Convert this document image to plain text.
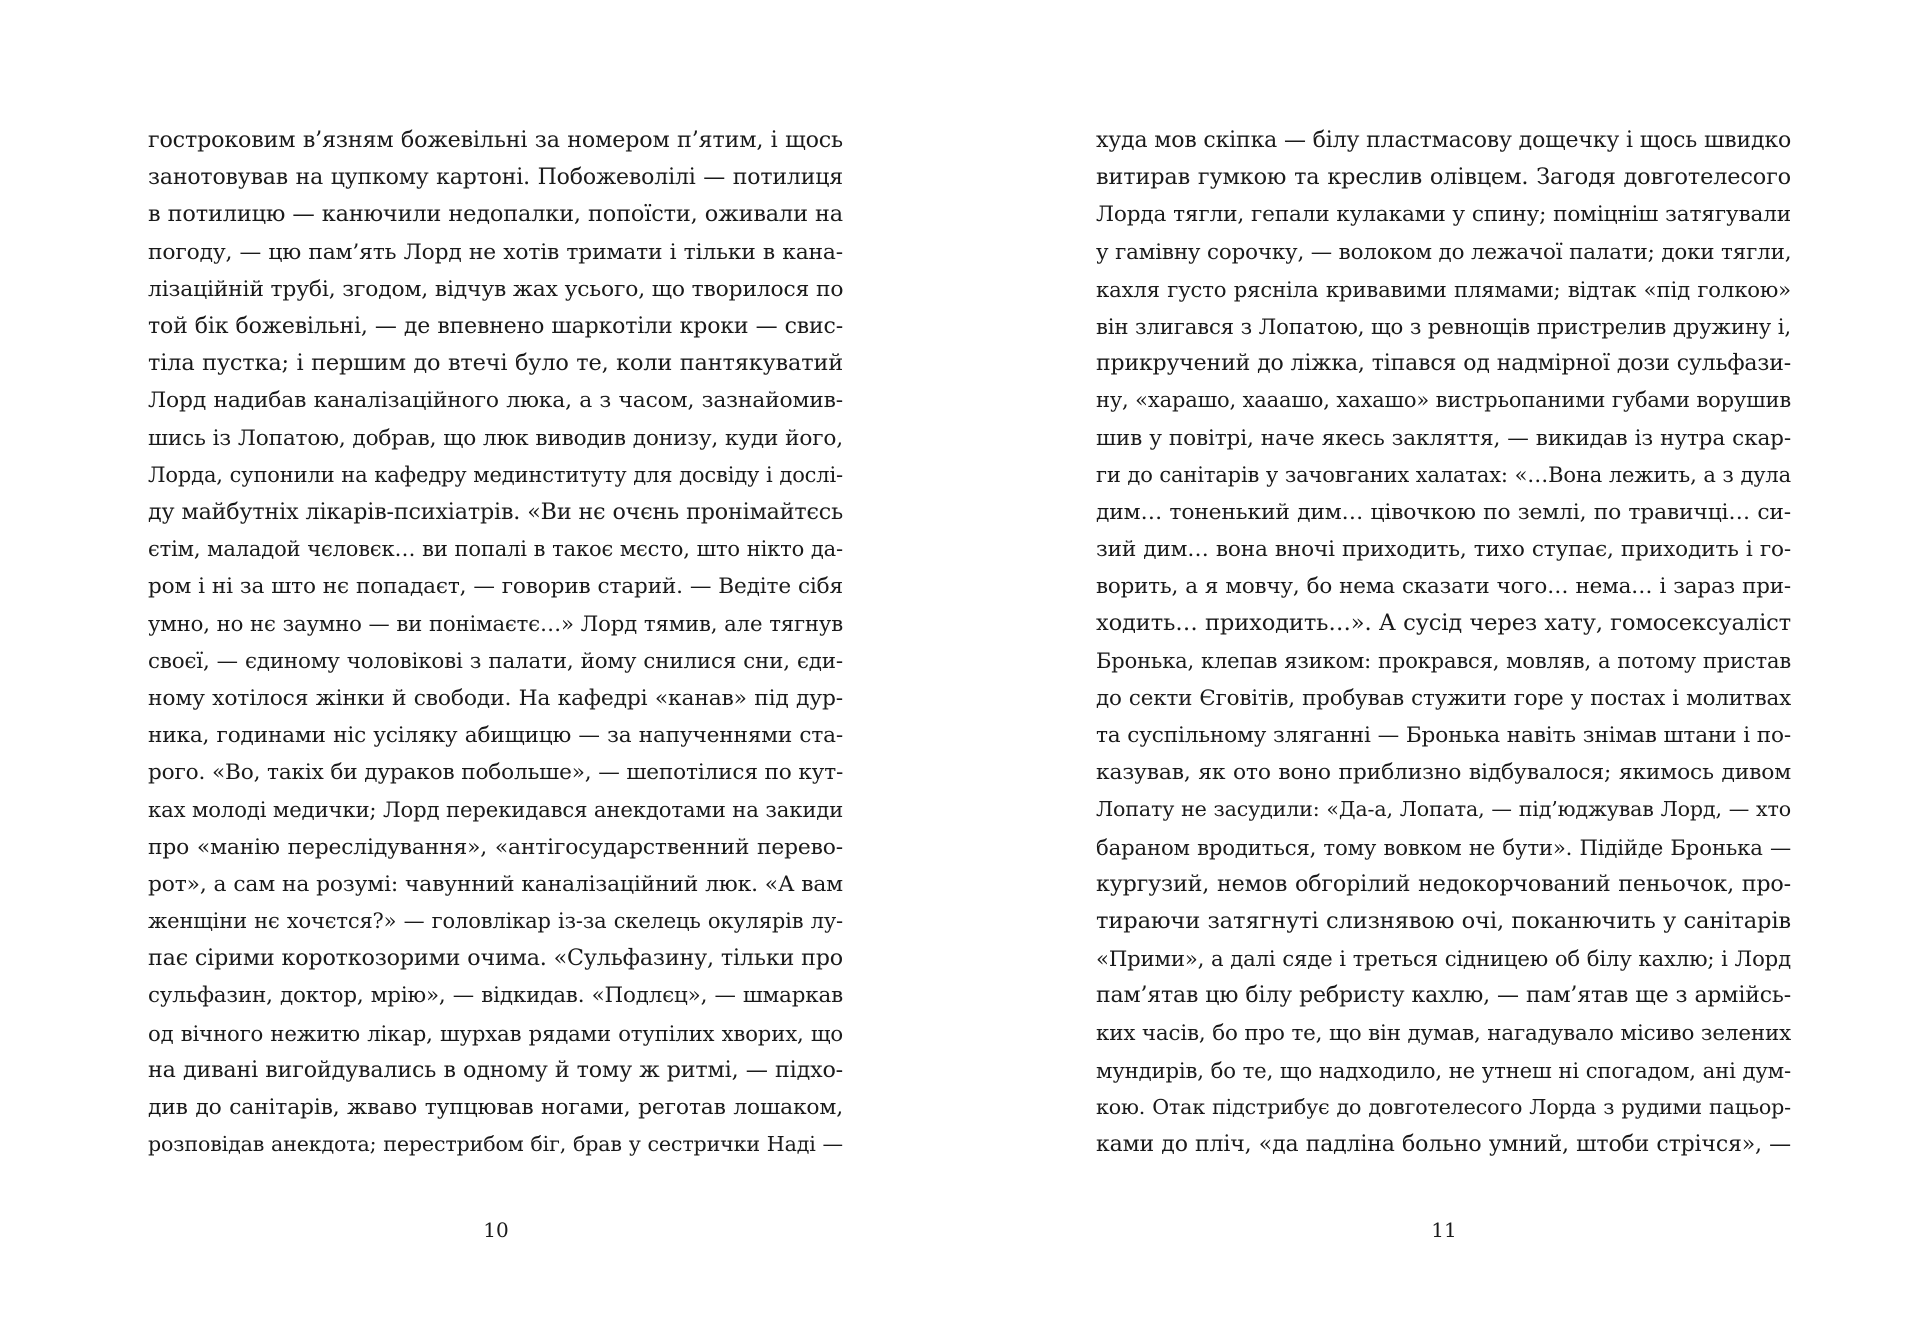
гостроковим в’язням божевільні за номером п’ятим, і щось
занотовував на цупкому картоні. Побожеволілі — потилиця
в потилицю — канючили недопалки, попоїсти, оживали на
погоду, — цю пам’ять Лорд не хотів тримати і тільки в кана-
лізаційній трубі, згодом, відчув жах усього, що творилося по
той бік божевільні, — де впевнено шаркотіли кроки — свис-
тіла пустка; і першим до втечі було те, коли пантякуватий
Лорд надибав каналізаційного люка, а з часом, зазнайомив-
шись із Лопатою, добрав, що люк виводив донизу, куди його,
Лорда, супонили на кафедру мединституту для досвіду і дослі-
ду майбутніх лікарів-психіатрів. «Ви нє очєнь пронімайтєсь
єтім, маладой чєловєк… ви попалі в такоє мєсто, што нікто да-
ром і ні за што нє попадаєт, — говорив старий. — Ведіте сібя
умно, но нє заумно — ви понімаєтє…» Лорд тямив, але тягнув
своєї, — єдиному чоловікові з палати, йому снилися сни, єди-
ному хотілося жінки й свободи. На кафедрі «канав» під дур-
ника, годинами ніс усіляку абищицю — за напученнями ста-
рого. «Во, такіх би дураков побольше», — шепотілися по кут-
ках молоді медички; Лорд перекидався анекдотами на закиди
про «манію переслідування», «антігосударственний перево-
рот», а сам на розумі: чавунний каналізаційний люк. «А вам
женщіни нє хочєтся?» — головлікар із-за скелець окулярів лу-
пає сірими короткозорими очима. «Сульфазину, тільки про
сульфазин, доктор, мрію», — відкидав. «Подлєц», — шмаркав
од вічного нежитю лікар, шурхав рядами отупілих хворих, що
на дивані вигойдувались в одному й тому ж ритмі, — підхо-
див до санітарів, жваво тупцював ногами, реготав лошаком,
розповідав анекдота; перестрибом біг, брав у сестрички Наді —
10
худа мов скіпка — білу пластмасову дощечку і щось швидко
витирав гумкою та креслив олівцем. Загодя довготелесого
Лорда тягли, гепали кулаками у спину; поміцніш затягували
у гамівну сорочку, — волоком до лежачої палати; доки тягли,
кахля густо рясніла кривавими плямами; відтак «під голкою»
він злигався з Лопатою, що з ревнощів пристрелив дружину і,
прикручений до ліжка, тіпався од надмірної дози сульфази-
ну, «харашо, хааашо, хахашо» вистрьопаними губами ворушив
шив у повітрі, наче якесь закляття, — викидав із нутра скар-
ги до санітарів у зачовганих халатах: «…Вона лежить, а з дула
дим… тоненький дим… цівочкою по землі, по травичці… си-
зий дим… вона вночі приходить, тихо ступає, приходить і го-
ворить, а я мовчу, бо нема сказати чого… нема… і зараз при-
ходить… приходить…». А сусід через хату, гомосексуаліст
Бронька, клепав язиком: прокрався, мовляв, а потому пристав
до секти Єговітів, пробував стужити горе у постах і молитвах
та суспільному зляганні — Бронька навіть знімав штани і по-
казував, як ото воно приблизно відбувалося; якимось дивом
Лопату не засудили: «Да-а, Лопата, — під’юджував Лорд, — хто
бараном вродиться, тому вовком не бути». Підійде Бронька —
кургузий, немов обгорілий недокорчований пеньочок, про-
тираючи затягнуті слизнявою очі, поканючить у санітарів
«Прими», а далі сяде і треться сідницею об білу кахлю; і Лорд
пам’ятав цю білу ребристу кахлю, — пам’ятав ще з армійсь-
ких часів, бо про те, що він думав, нагадувало місиво зелених
мундирів, бо те, що надходило, не утнеш ні спогадом, ані дум-
кою. Отак підстрибує до довготелесого Лорда з рудими пацьор-
ками до пліч, «да падліна больно умний, штоби стрічся», —
11
